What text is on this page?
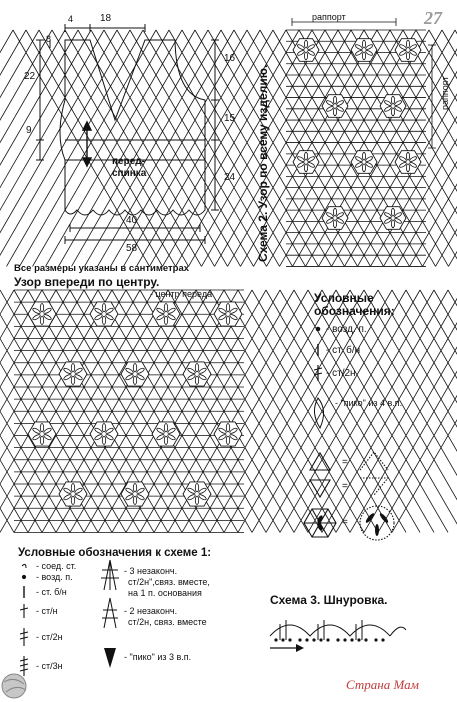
27
18
4
8
22
9
16
15
24
40
58
перед-
спинка
Все размеры указаны в сантиметрах
Узор впереди по центру.
- центр переда
Схема 2. Узор по всему изделию.
раппорт
раппорт
Условные
обозначения:
- возд. п.
- ст. б/н
- ст/2н
- "пико" из 4 в.п.
=
=
=
Условные обозначения к схеме 1:
- соед. ст.
- возд. п.
- ст. б/н
- ст/н
- ст/2н
- ст/3н
- 3 незаконч.
ст/2н",связ. вместе,
на 1 п. основания
- 2 незаконч.
ст/2н, связ. вместе
- "пико" из 3 в.п.
Схема 3. Шнуровка.
Страна Мам
